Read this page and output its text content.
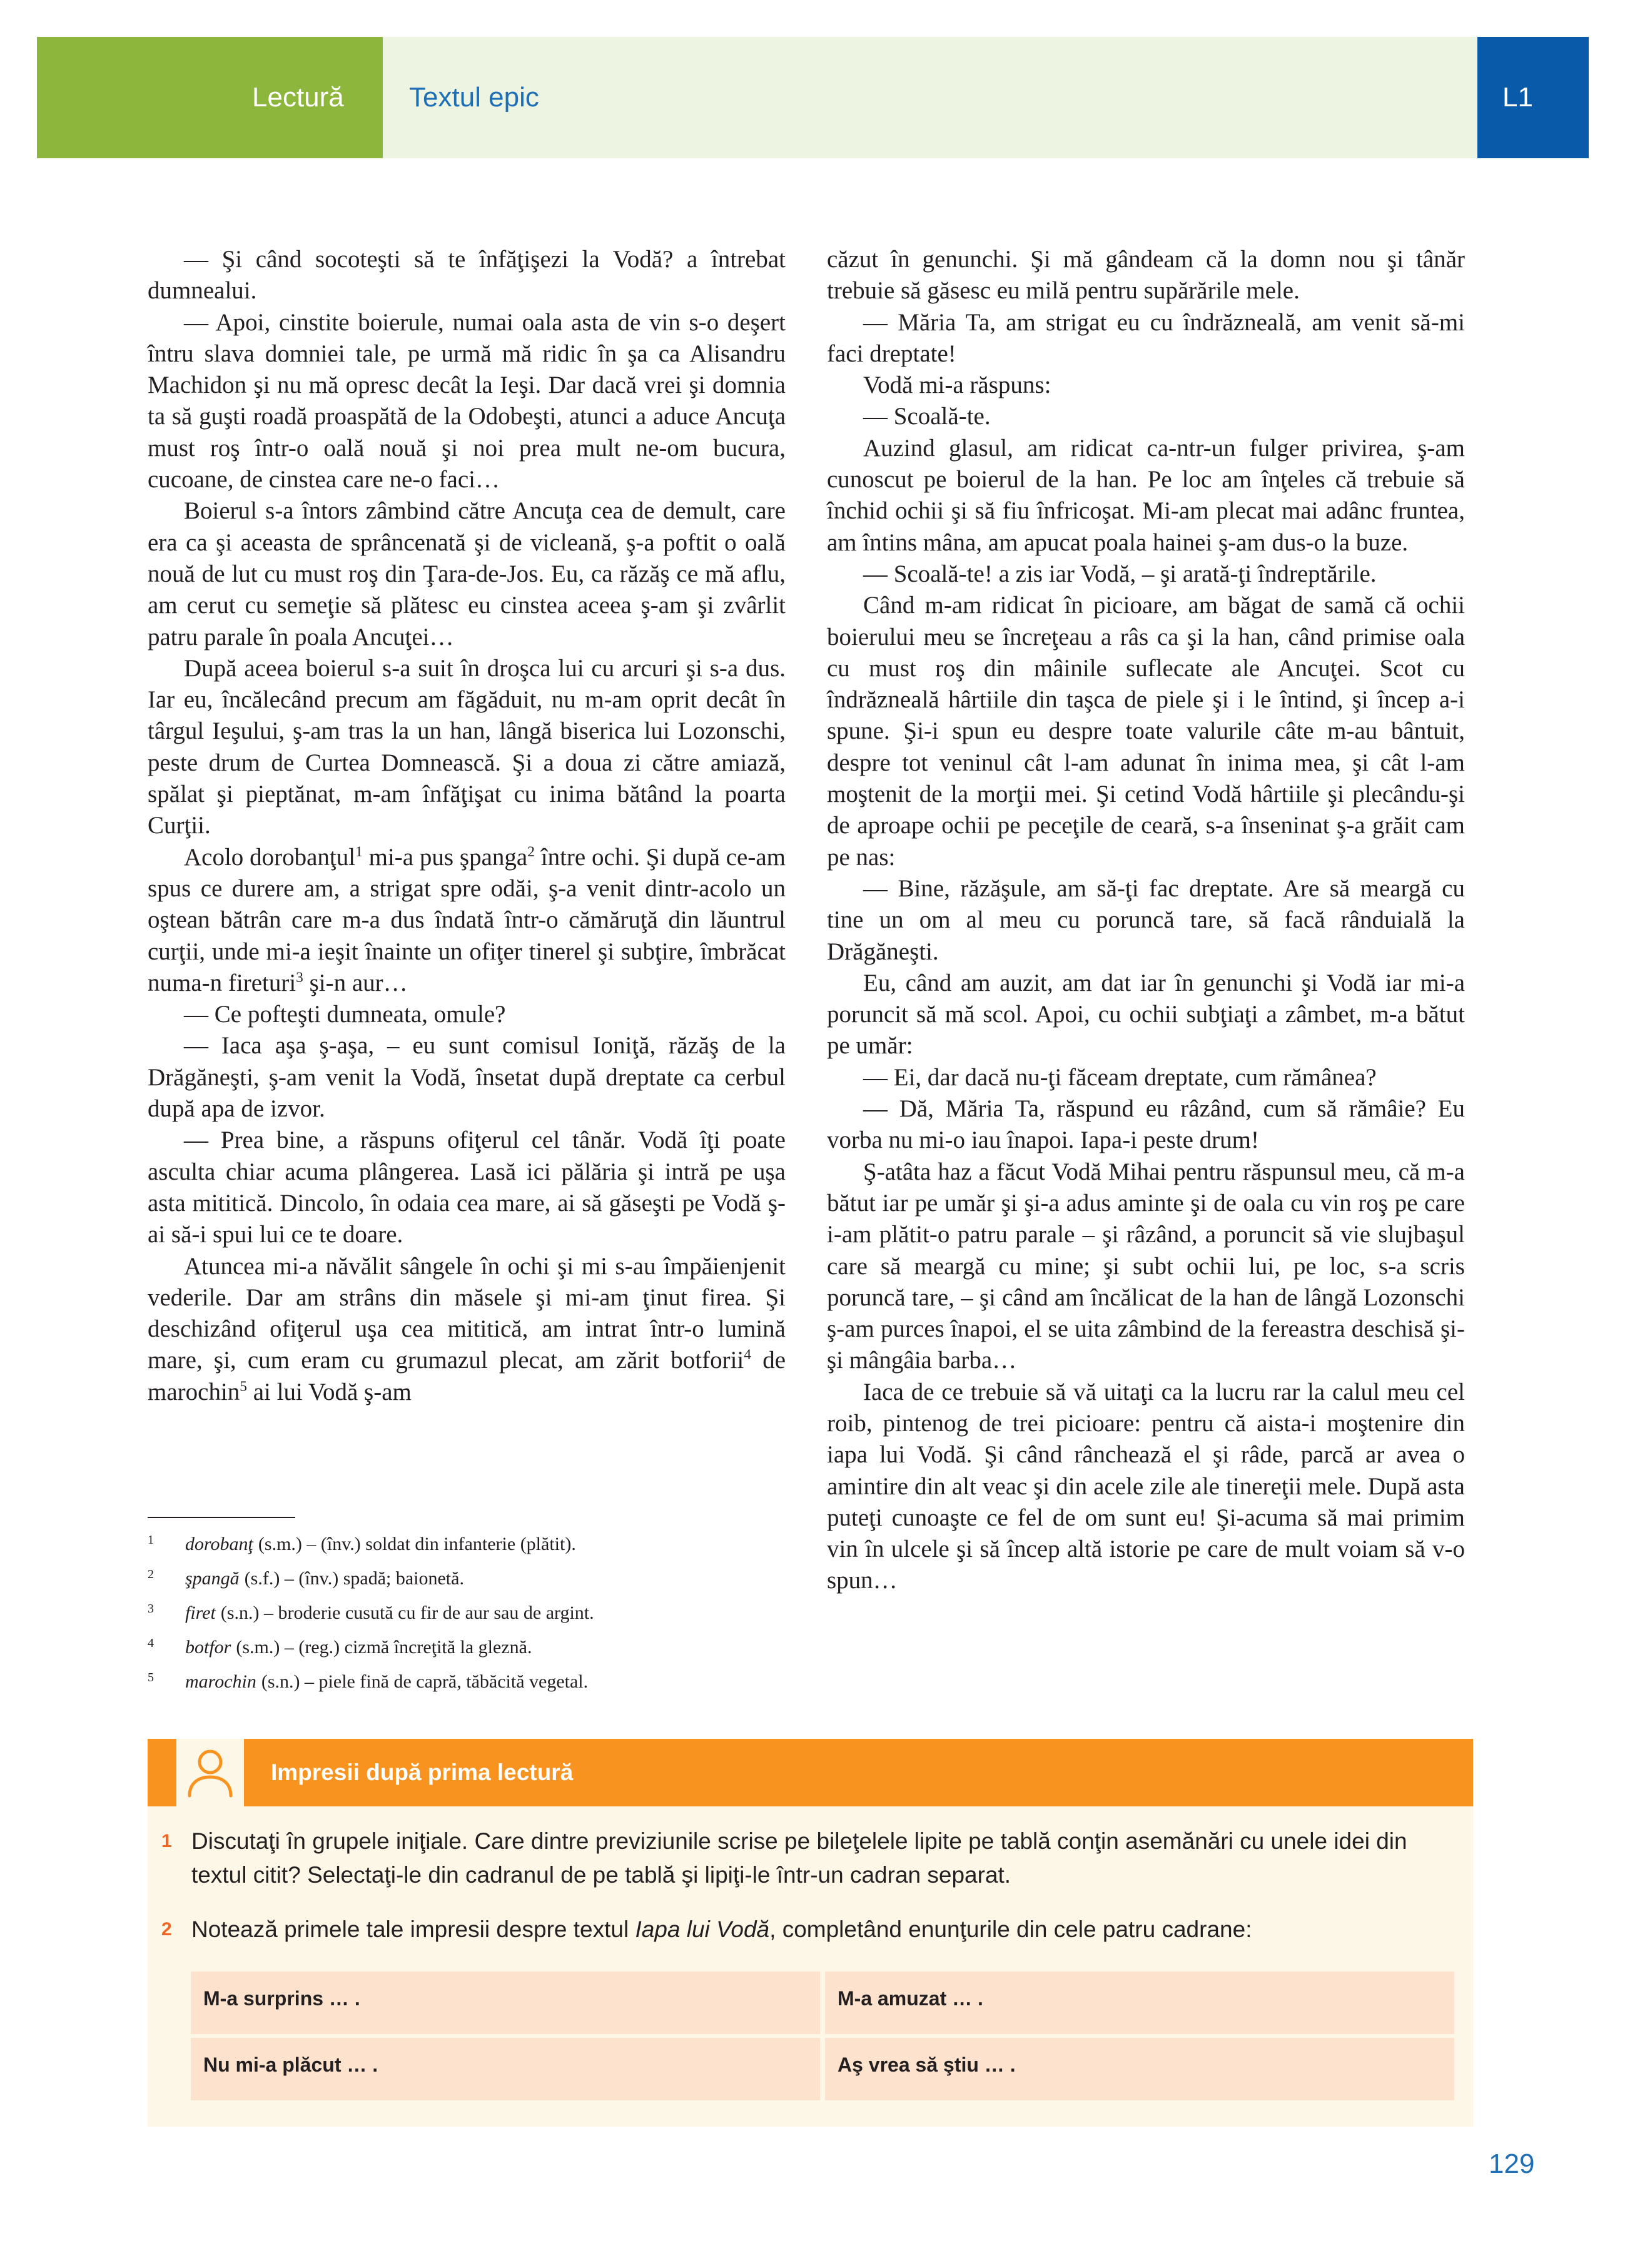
Lectură Textul epic	L1

— Şi când socoteşti să te înfăţişezi la Vodă? a întrebat dumnealui.

— Apoi, cinstite boierule, numai oala asta de vin s-o deşert întru slava domniei tale, pe urmă mă ridic în şa ca Alisandru Machidon şi nu mă opresc decât la Ieşi. Dar dacă vrei şi domnia ta să guşti roadă proaspătă de la Odobeşti, atunci a aduce Ancuţa must roş într-o oală nouă şi noi prea mult ne-om bucura, cucoane, de cinstea care ne-o faci…

Boierul s-a întors zâmbind către Ancuţa cea de demult, care era ca şi aceasta de sprâncenată şi de vicleană, ş-a poftit o oală nouă de lut cu must roş din Ţara-de-Jos. Eu, ca răzăş ce mă aflu, am cerut cu semeţie să plătesc eu cinstea aceea ş-am şi zvârlit patru parale în poala Ancuţei…

După aceea boierul s-a suit în droşca lui cu arcuri şi s-a dus. Iar eu, încălecând precum am făgăduit, nu m-am oprit decât în târgul Ieşului, ş-am tras la un han, lângă biserica lui Lozonschi, peste drum de Curtea Domnească. Şi a doua zi către amiază, spălat şi pieptănat, m-am înfăţişat cu inima bătând la poarta Curţii.

Acolo dorobanţul$^1$ mi-a pus şpanga$^2$ între ochi. Şi după ce-am spus ce durere am, a strigat spre odăi, ş-a venit dintr-acolo un oştean bătrân care m-a dus îndată într-o cămăruţă din lăuntrul curţii, unde mi-a ieşit înainte un ofiţer tinerel şi subţire, îmbrăcat numa-n fireturi$^3$ şi-n aur…

— Ce pofteşti dumneata, omule?

— Iaca aşa ş-aşa, – eu sunt comisul Ioniţă, răzăş de la Drăgăneşti, ş-am venit la Vodă, însetat după dreptate ca cerbul după apa de izvor.

— Prea bine, a răspuns ofiţerul cel tânăr. Vodă îţi poate asculta chiar acuma plângerea. Lasă ici pălăria şi intră pe uşa asta mititică. Dincolo, în odaia cea mare, ai să găseşti pe Vodă ş-ai să-i spui lui ce te doare.

Atuncea mi-a năvălit sângele în ochi şi mi s-au împăienjenit vederile. Dar am strâns din măsele şi mi-am ţinut firea. Şi deschizând ofiţerul uşa cea mititică, am intrat într-o lumină mare, şi, cum eram cu grumazul plecat, am zărit botforii$^4$ de marochin$^5$ ai lui Vodă ş-am

căzut în genunchi. Şi mă gândeam că la domn nou şi tânăr trebuie să găsesc eu milă pentru supărările mele.

— Măria Ta, am strigat eu cu îndrăzneală, am venit să-mi faci dreptate!

Vodă mi-a răspuns:

— Scoală-te.

Auzind glasul, am ridicat ca-ntr-un fulger privirea, ş-am cunoscut pe boierul de la han. Pe loc am înţeles că trebuie să închid ochii şi să fiu înfricoşat. Mi-am plecat mai adânc fruntea, am întins mâna, am apucat poala hainei ş-am dus-o la buze.

— Scoală-te! a zis iar Vodă, – şi arată-ţi îndreptările.

Când m-am ridicat în picioare, am băgat de samă că ochii boierului meu se încreţeau a râs ca şi la han, când primise oala cu must roş din mâinile suflecate ale Ancuţei. Scot cu îndrăzneală hârtiile din taşca de piele şi i le întind, şi încep a-i spune. Şi-i spun eu despre toate valurile câte m-au bântuit, despre tot veninul cât l-am adunat în inima mea, şi cât l-am moştenit de la morţii mei. Şi cetind Vodă hârtiile şi plecându-şi de aproape ochii pe peceţile de ceară, s-a înseninat ş-a grăit cam pe nas:

— Bine, răzăşule, am să-ţi fac dreptate. Are să meargă cu tine un om al meu cu poruncă tare, să facă rânduială la Drăgăneşti.

Eu, când am auzit, am dat iar în genunchi şi Vodă iar mi-a poruncit să mă scol. Apoi, cu ochii subţiaţi a zâmbet, m-a bătut pe umăr:

— Ei, dar dacă nu-ţi făceam dreptate, cum rămânea?

— Dă, Măria Ta, răspund eu râzând, cum să rămâie? Eu vorba nu mi-o iau înapoi. Iapa-i peste drum!

Ş-atâta haz a făcut Vodă Mihai pentru răspunsul meu, că m-a bătut iar pe umăr şi şi-a adus aminte şi de oala cu vin roş pe care i-am plătit-o patru parale – şi râzând, a poruncit să vie slujbaşul care să meargă cu mine; şi subt ochii lui, pe loc, s-a scris poruncă tare, – şi când am încălicat de la han de lângă Lozonschi ş-am purces înapoi, el se uita zâmbind de la fereastra deschisă şi-şi mângâia barba…

Iaca de ce trebuie să vă uitaţi ca la lucru rar la calul meu cel roib, pintenog de trei picioare: pentru că aista-i moştenire din iapa lui Vodă. Şi când rânchează el şi râde, parcă ar avea o amintire din alt veac şi din acele zile ale tinereţii mele. După asta puteţi cunoaşte ce fel de om sunt eu! Şi-acuma să mai primim vin în ulcele şi să încep altă istorie pe care de mult voiam să v-o spun…

1	dorobanţ (s.m.) – (înv.) soldat din infanterie (plătit).
2	şpangă (s.f.) – (înv.) spadă; baionetă.
3	firet (s.n.) – broderie cusută cu fir de aur sau de argint.
4	botfor (s.m.) – (reg.) cizmă încreţită la gleznă.
5	marochin (s.n.) – piele fină de capră, tăbăcită vegetal.
Impresii după prima lectură
1 Discutaţi în grupele iniţiale. Care dintre previziunile scrise pe bileţelele lipite pe tablă conţin asemănări cu unele idei din textul citit? Selectaţi-le din cadranul de pe tablă şi lipiţi-le într-un cadran separat.
2 Notează primele tale impresii despre textul Iapa lui Vodă, completând enunţurile din cele patru cadrane:
M-a surprins … .	M-a amuzat … .
Nu mi-a plăcut … .	Aş vrea să ştiu … .
129
